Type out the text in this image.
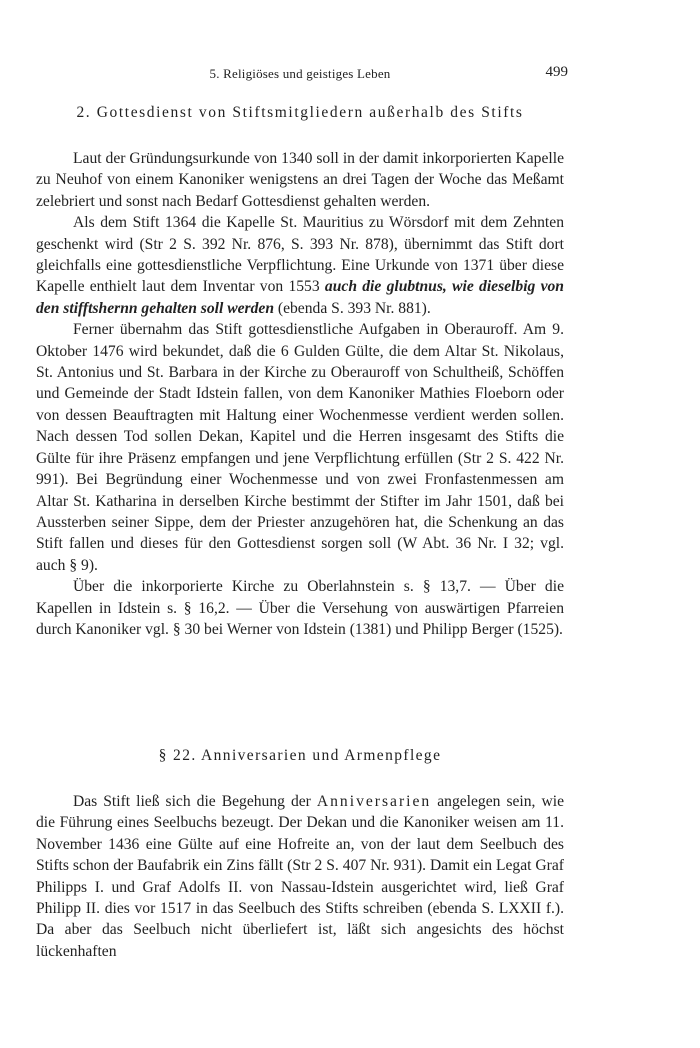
5. Religiöses und geistiges Leben	499
2. Gottesdienst von Stiftsmitgliedern außerhalb des Stifts

Laut der Gründungsurkunde von 1340 soll in der damit inkorporierten Kapelle zu Neuhof von einem Kanoniker wenigstens an drei Tagen der Woche das Meßamt zelebriert und sonst nach Bedarf Gottesdienst gehalten werden.

Als dem Stift 1364 die Kapelle St. Mauritius zu Wörsdorf mit dem Zehnten geschenkt wird (Str 2 S. 392 Nr. 876, S. 393 Nr. 878), übernimmt das Stift dort gleichfalls eine gottesdienstliche Verpflichtung. Eine Urkunde von 1371 über diese Kapelle enthielt laut dem Inventar von 1553 auch die glubtnus, wie dieselbig von den stifftshernn gehalten soll werden (ebenda S. 393 Nr. 881).

Ferner übernahm das Stift gottesdienstliche Aufgaben in Oberauroff. Am 9. Oktober 1476 wird bekundet, daß die 6 Gulden Gülte, die dem Altar St. Nikolaus, St. Antonius und St. Barbara in der Kirche zu Oberauroff von Schultheiß, Schöffen und Gemeinde der Stadt Idstein fallen, von dem Kanoniker Mathies Floeborn oder von dessen Beauftragten mit Haltung einer Wochenmesse verdient werden sollen. Nach dessen Tod sollen Dekan, Kapitel und die Herren insgesamt des Stifts die Gülte für ihre Präsenz empfangen und jene Verpflichtung erfüllen (Str 2 S. 422 Nr. 991). Bei Begründung einer Wochenmesse und von zwei Fronfastenmessen am Altar St. Katharina in derselben Kirche bestimmt der Stifter im Jahr 1501, daß bei Aussterben seiner Sippe, dem der Priester anzugehören hat, die Schenkung an das Stift fallen und dieses für den Gottesdienst sorgen soll (W Abt. 36 Nr. I 32; vgl. auch § 9).

Über die inkorporierte Kirche zu Oberlahnstein s. § 13,7. — Über die Kapellen in Idstein s. § 16,2. — Über die Versehung von auswärtigen Pfarreien durch Kanoniker vgl. § 30 bei Werner von Idstein (1381) und Philipp Berger (1525).

§ 22. Anniversarien und Armenpflege

Das Stift ließ sich die Begehung der Anniversarien angelegen sein, wie die Führung eines Seelbuchs bezeugt. Der Dekan und die Kanoniker weisen am 11. November 1436 eine Gülte auf eine Hofreite an, von der laut dem Seelbuch des Stifts schon der Baufabrik ein Zins fällt (Str 2 S. 407 Nr. 931). Damit ein Legat Graf Philipps I. und Graf Adolfs II. von Nassau-Idstein ausgerichtet wird, ließ Graf Philipp II. dies vor 1517 in das Seelbuch des Stifts schreiben (ebenda S. LXXII f.). Da aber das Seelbuch nicht überliefert ist, läßt sich angesichts des höchst lückenhaften
